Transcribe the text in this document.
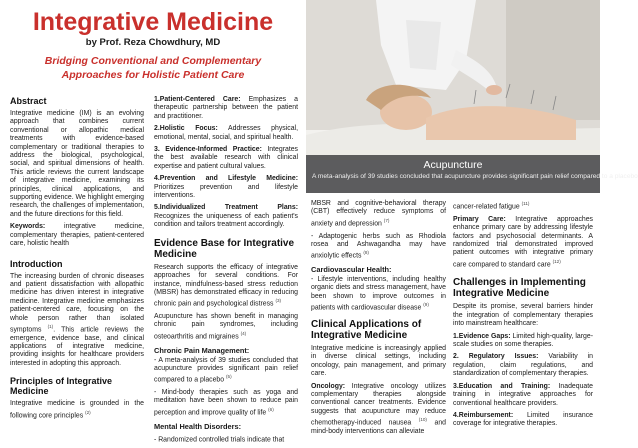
Integrative Medicine
by Prof. Reza Chowdhury, MD
Bridging Conventional and Complementary
Approaches for Holistic Patient Care
Acupuncture
A meta-analysis of 39 studies concluded that acupuncture provides significant pain relief compared to a placebo
Abstract

Integrative medicine (IM) is an evolving approach that combines current conventional or allopathic medical treatments with evidence-based complementary or traditional therapies to address the biological, psychological, social, and spiritual dimensions of health. This article reviews the current landscape of integrative medicine, examining its principles, clinical applications, and supporting evidence. We highlight emerging research, the challenges of implementation, and the future directions for this field.

Keywords:	integrative medicine, complementary therapies, patient-centered care, holistic health

Introduction

The increasing burden of chronic diseases and patient dissatisfaction with allopathic medicine has driven interest in integrative medicine. Integrative medicine emphasizes patient-centered care, focusing on the whole person rather than isolated symptoms $^{(1)}$. This article reviews the emergence, evidence base, and clinical applications of integrative medicine, providing insights for healthcare providers interested in adopting this approach.

Principles of Integrative Medicine

Integrative medicine is grounded in the following core principles $^{(2)}$

1.Patient-Centered Care: Emphasizes a therapeutic partnership between the patient and practitioner.

2.Holistic Focus: Addresses physical, emotional, mental, social, and spiritual health.

3. Evidence-Informed Practice: Integrates the best available research with clinical expertise and patient cultural values.

4.Prevention and Lifestyle Medicine: Prioritizes prevention and lifestyle interventions.

5.Individualized Treatment Plans: Recognizes the uniqueness of each patient's condition and tailors treatment accordingly.

Evidence Base for Integrative Medicine

Research supports the efficacy of integrative approaches for several conditions. For instance, mindfulness-based stress reduction (MBSR) has demonstrated efficacy in reducing chronic pain and psychological distress $^{(3)}$

Acupuncture has shown benefit in managing chronic pain syndromes, including osteoarthritis and migraines $^{(4)}$

Chronic Pain Management:

- A meta-analysis of 39 studies concluded that acupuncture provides significant pain relief compared to a placebo $^{(5)}$

- Mind-body therapies such as yoga and meditation have been shown to reduce pain perception and improve quality of life $^{(6)}$

Mental Health Disorders:

- Randomized controlled trials indicate that

MBSR and cognitive-behavioral therapy (CBT) effectively reduce symptoms of anxiety and depression $^{(7)}$

- Adaptogenic herbs such as Rhodiola rosea and Ashwagandha may have anxiolytic effects $^{(8)}$

Cardiovascular Health:

- Lifestyle interventions, including healthy organic diets and stress management, have been shown to improve outcomes in patients with cardiovascular disease $^{(9)}$

Clinical Applications of Integrative Medicine

Integrative medicine is increasingly applied in diverse clinical settings, including oncology, pain management, and primary care.

Oncology: Integrative oncology utilizes complementary therapies alongside conventional cancer treatments. Evidence suggests that acupuncture may reduce chemotherapy-induced nausea $^{(10)}$ and mind-body interventions can alleviate

cancer-related fatigue $^{(11)}$

Primary Care: Integrative approaches enhance primary care by addressing lifestyle factors and psychosocial determinants. A randomized trial demonstrated improved patient outcomes with integrative primary care compared to standard care $^{(12)}$

Challenges in Implementing Integrative Medicine

Despite its promise, several barriers hinder the integration of complementary therapies into mainstream healthcare:

1.Evidence Gaps: Limited high-quality, large-scale studies on some therapies.

2. Regulatory Issues: Variability in regulation, claim regulations, and standardization of complementary therapies.

3.Education and Training: Inadequate training in integrative approaches for conventional healthcare providers.

4.Reimbursement: Limited insurance coverage for integrative therapies.
